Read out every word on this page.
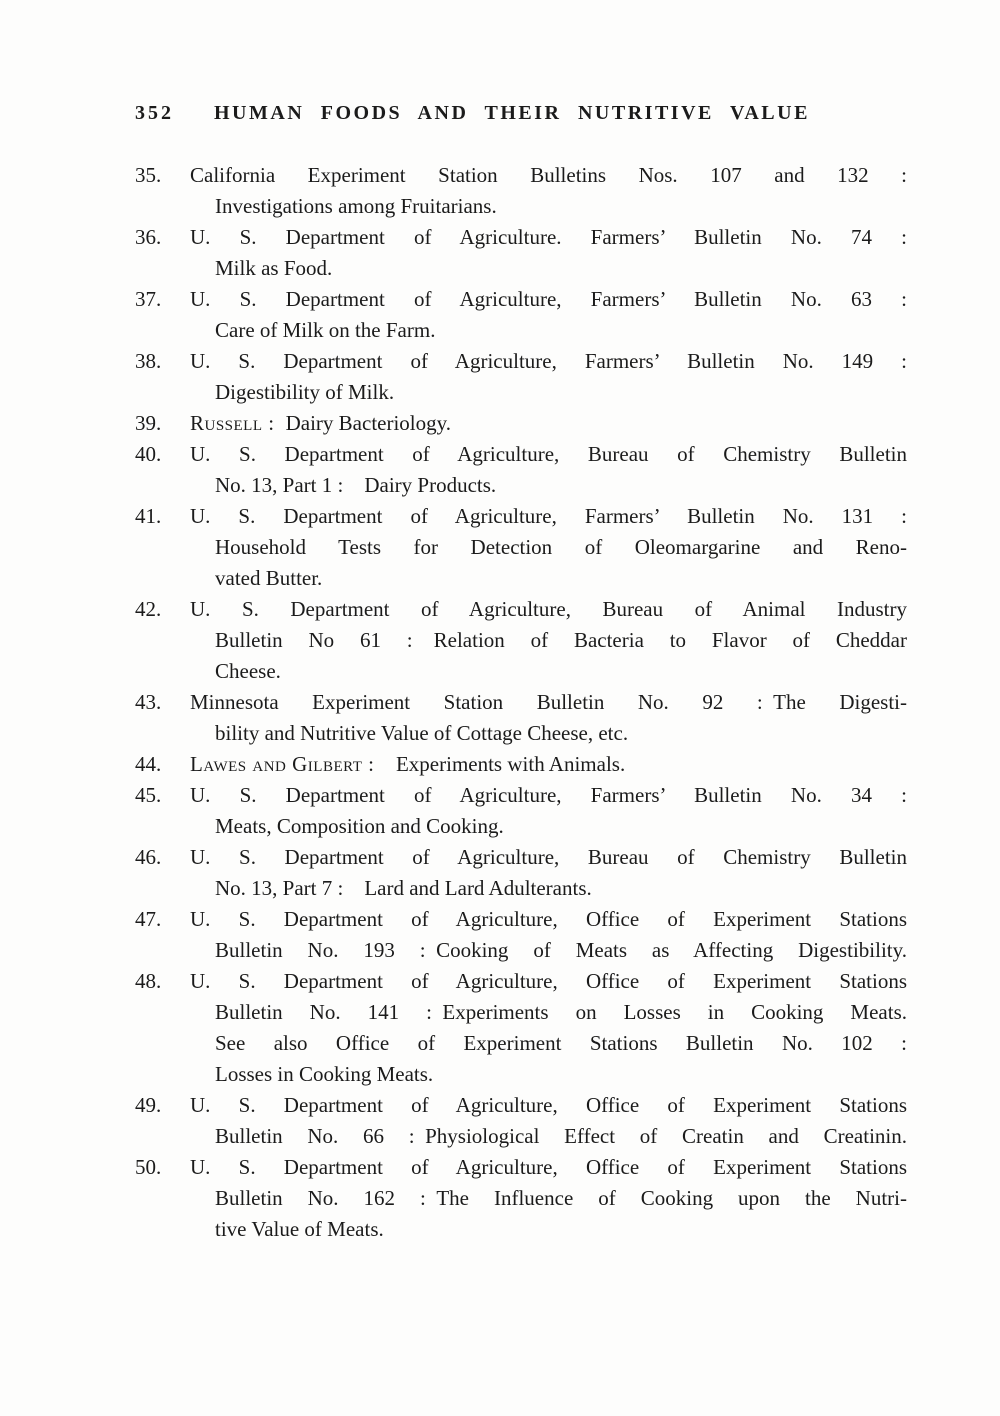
352 HUMAN FOODS AND THEIR NUTRITIVE VALUE
35.	California Experiment Station Bulletins Nos. 107 and 132 :
Investigations among Fruitarians.
36.	U. S. Department of Agriculture. Farmers’ Bulletin No. 74 :
Milk as Food.
37.	U. S. Department of Agriculture, Farmers’ Bulletin No. 63 :
Care of Milk on the Farm.
38.	U. S. Department of Agriculture, Farmers’ Bulletin No. 149 :
Digestibility of Milk.
39.	Russell : Dairy Bacteriology.
40.	U. S. Department of Agriculture, Bureau of Chemistry Bulletin
No. 13, Part 1 : Dairy Products.
41.	U. S. Department of Agriculture, Farmers’ Bulletin No. 131 :
Household Tests for Detection of Oleomargarine and Reno-
vated Butter.
42.	U. S. Department of Agriculture, Bureau of Animal Industry
Bulletin No 61 : Relation of Bacteria to Flavor of Cheddar
Cheese.
43.	Minnesota Experiment Station Bulletin No. 92 : The Digesti-
bility and Nutritive Value of Cottage Cheese, etc.
44.	Lawes and Gilbert : Experiments with Animals.
45.	U. S. Department of Agriculture, Farmers’ Bulletin No. 34 :
Meats, Composition and Cooking.
46.	U. S. Department of Agriculture, Bureau of Chemistry Bulletin
No. 13, Part 7 : Lard and Lard Adulterants.
47.	U. S. Department of Agriculture, Office of Experiment Stations
Bulletin No. 193 : Cooking of Meats as Affecting Digestibility.
48.	U. S. Department of Agriculture, Office of Experiment Stations
Bulletin No. 141 : Experiments on Losses in Cooking Meats.
See also Office of Experiment Stations Bulletin No. 102 :
Losses in Cooking Meats.
49.	U. S. Department of Agriculture, Office of Experiment Stations
Bulletin No. 66 : Physiological Effect of Creatin and Creatinin.
50.	U. S. Department of Agriculture, Office of Experiment Stations
Bulletin No. 162 : The Influence of Cooking upon the Nutri-
tive Value of Meats.
